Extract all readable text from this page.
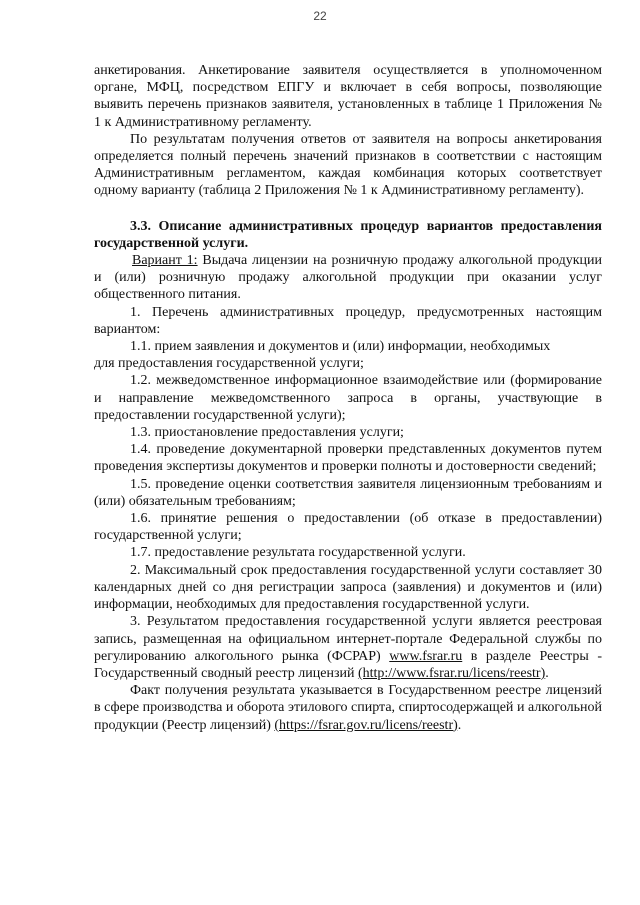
22
анкетирования. Анкетирование заявителя осуществляется в уполномоченном органе, МФЦ, посредством ЕПГУ и включает в себя вопросы, позволяющие выявить перечень признаков заявителя, установленных в таблице 1 Приложения № 1 к Административному регламенту.
По результатам получения ответов от заявителя на вопросы анкетирования определяется полный перечень значений признаков в соответствии с настоящим Административным регламентом, каждая комбинация которых соответствует одному варианту (таблица 2 Приложения № 1 к Административному регламенту).
3.3. Описание административных процедур вариантов предоставления государственной услуги.
Вариант 1: Выдача лицензии на розничную продажу алкогольной продукции и (или) розничную продажу алкогольной продукции при оказании услуг общественного питания.
1. Перечень административных процедур, предусмотренных настоящим вариантом:
1.1. прием заявления и документов и (или) информации, необходимых
для предоставления государственной услуги;
1.2. межведомственное информационное взаимодействие или (формирование и направление межведомственного запроса в органы, участвующие в предоставлении государственной услуги);
1.3. приостановление предоставления услуги;
1.4. проведение документарной проверки представленных документов путем проведения экспертизы документов и проверки полноты и достоверности сведений;
1.5. проведение оценки соответствия заявителя лицензионным требованиям и (или) обязательным требованиям;
1.6. принятие решения о предоставлении (об отказе в предоставлении) государственной услуги;
1.7. предоставление результата государственной услуги.
2. Максимальный срок предоставления государственной услуги составляет 30 календарных дней со дня регистрации запроса (заявления) и документов и (или) информации, необходимых для предоставления государственной услуги.
3. Результатом предоставления государственной услуги является реестровая запись, размещенная на официальном интернет-портале Федеральной службы по регулированию алкогольного рынка (ФСРАР) www.fsrar.ru в разделе Реестры - Государственный сводный реестр лицензий (http://www.fsrar.ru/licens/reestr).
Факт получения результата указывается в Государственном реестре лицензий в сфере производства и оборота этилового спирта, спиртосодержащей и алкогольной продукции (Реестр лицензий) (https://fsrar.gov.ru/licens/reestr).
